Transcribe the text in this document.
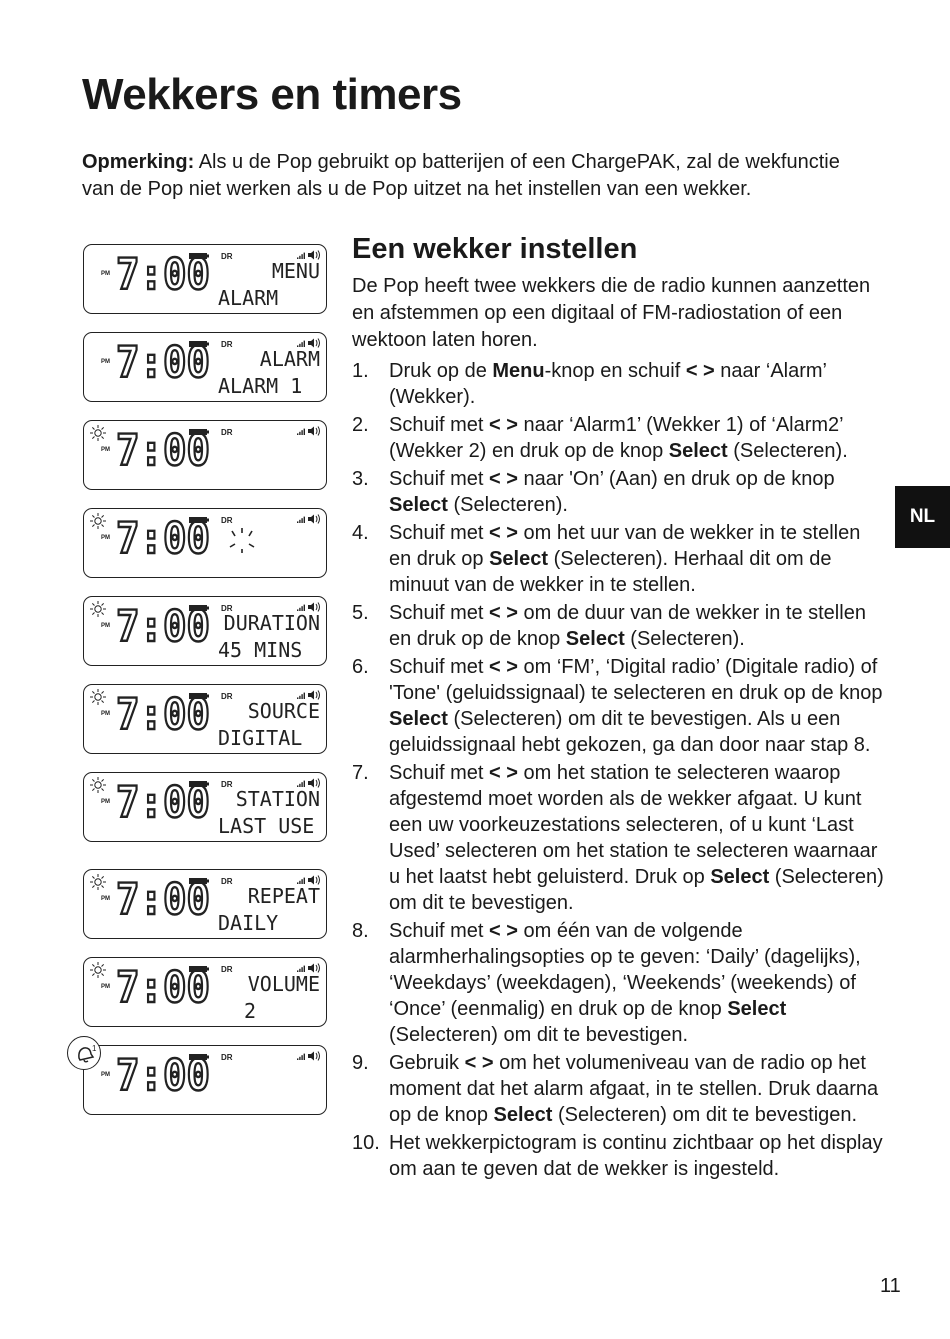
Wekkers en timers

Opmerking: Als u de Pop gebruikt op batterijen of een ChargePAK, zal de wekfunctie van de Pop niet werken als u de Pop uitzet na het instellen van een wekker.

DR
PM 7:00	MENU
ALARM
DR
PM 7:00 ALARM
ALARM 1
DR
PM 7:00
DR
PM 7:00
DR
PM 7:00 DURATION
45 MINS
DR
PM 7:00 SOURCE
DIGITAL
DR
PM 7:00 STATION
LAST USE
DR
PM 7:00 REPEAT
DAILY
DR
PM 7:00 VOLUME
2
DR
PM 7:00
1
Een wekker instellen

De Pop heeft twee wekkers die de radio kunnen aanzetten en afstemmen op een digitaal of FM-radiostation of een wektoon laten horen.

1. Druk op de Menu-knop en schuif < > naar ‘Alarm’ (Wekker).
2. Schuif met < > naar ‘Alarm1’ (Wekker 1) of ‘Alarm2’ (Wekker 2) en druk op de knop Select (Selecteren).
3. Schuif met < > naar 'On’ (Aan) en druk op de knop Select (Selecteren).
4. Schuif met < > om het uur van de wekker in te stellen en druk op Select (Selecteren). Herhaal dit om de minuut van de wekker in te stellen.
5. Schuif met < > om de duur van de wekker in te stellen en druk op de knop Select (Selecteren).
6. Schuif met < > om ‘FM’, ‘Digital radio’ (Digitale radio) of 'Tone' (geluidssignaal) te selecteren en druk op de knop Select (Selecteren) om dit te bevestigen. Als u een geluidssignaal hebt gekozen, ga dan door naar stap 8.
7. Schuif met < > om het station te selecteren waarop afgestemd moet worden als de wekker afgaat. U kunt een uw voorkeuzestations selecteren, of u kunt ‘Last Used’ selecteren om het station te selecteren waarnaar u het laatst hebt geluisterd. Druk op Select (Selecteren) om dit te bevestigen.
8. Schuif met < > om één van de volgende alarmherhalingsopties op te geven: ‘Daily’ (dagelijks), ‘Weekdays’ (weekdagen), ‘Weekends’ (weekends) of ‘Once’ (eenmalig) en druk op de knop Select (Selecteren) om dit te bevestigen.
9. Gebruik < > om het volumeniveau van de radio op het moment dat het alarm afgaat, in te stellen. Druk daarna op de knop Select (Selecteren) om dit te bevestigen.
10. Het wekkerpictogram is continu zichtbaar op het display om aan te geven dat de wekker is ingesteld.
NL
11
